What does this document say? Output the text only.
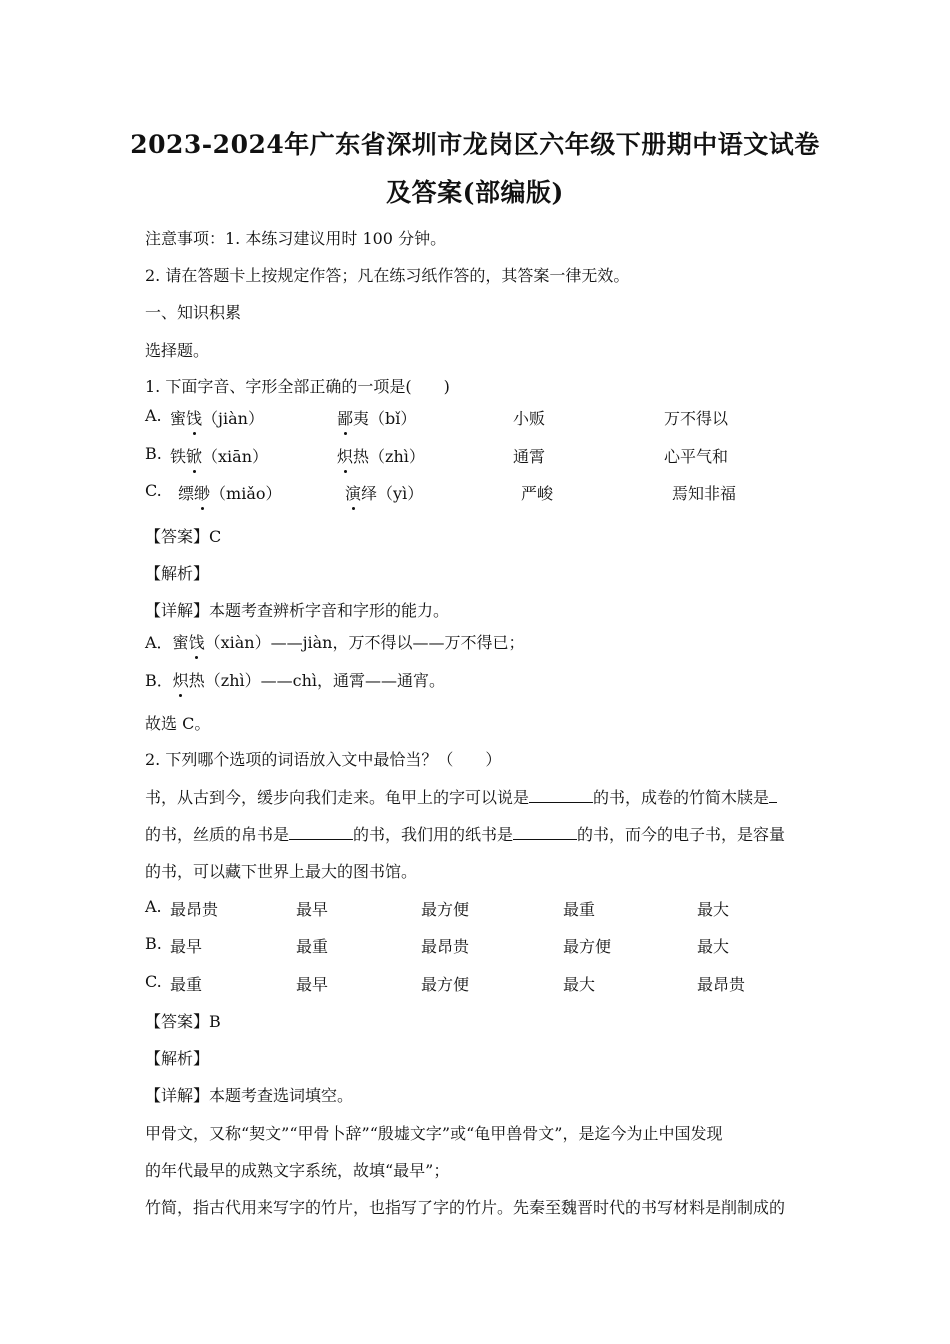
2023-2024年广东省深圳市龙岗区六年级下册期中语文试卷
及答案(部编版)
注意事项：1. 本练习建议用时 100 分钟。
2. 请在答题卡上按规定作答；凡在练习纸作答的，其答案一律无效。
一、知识积累
选择题。
1. 下面字音、字形全部正确的一项是(　　)
A. 蜜饯（jiàn）	鄙夷（bǐ）	小贩	万不得以
B. 铁锨（xiān）	炽热（zhì）	通霄	心平气和
C. 缥缈（miǎo）	演绎（yì）	严峻	焉知非福
【答案】C
【解析】
【详解】本题考查辨析字音和字形的能力。
A．蜜饯（xiàn）——jiàn，万不得以——万不得已；
B．炽热（zhì）——chì，通霄——通宵。
故选 C。
2. 下列哪个选项的词语放入文中最恰当？（　　）
书，从古到今，缓步向我们走来。龟甲上的字可以说是	的书，成卷的竹简木牍是
的书，丝质的帛书是	的书，我们用的纸书是	的书，而今的电子书，是容量
的书，可以藏下世界上最大的图书馆。
A. 最昂贵	最早	最方便	最重	最大
B. 最早	最重	最昂贵	最方便	最大
C. 最重	最早	最方便	最大	最昂贵
【答案】B
【解析】
【详解】本题考查选词填空。
甲骨文，又称“契文”“甲骨卜辞”“殷墟文字”或“龟甲兽骨文”，是迄今为止中国发现
的年代最早的成熟文字系统，故填“最早”；
竹简，指古代用来写字的竹片，也指写了字的竹片。先秦至魏晋时代的书写材料是削制成的
